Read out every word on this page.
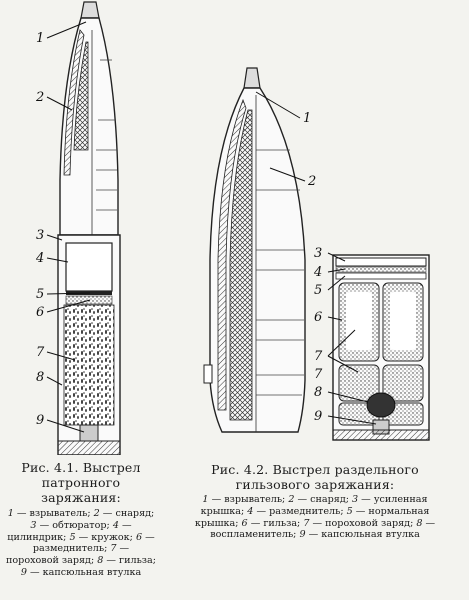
1
2
3
4
5
6
7
8
9
1
2
3
4
5
6
7
7
8
9
Рис. 4.1. Выстрел патронного заряжания:
1 — взрыватель; 2 — снаряд; 3 — обтюратор; 4 — цилиндрик; 5 — кружок; 6 — размеднитель; 7 — пороховой заряд; 8 — гильза; 9 — капсюльная втулка
Рис. 4.2. Выстрел раздельного гильзового заряжания:
1 — взрыватель; 2 — снаряд; 3 — усиленная крышка; 4 — размеднитель; 5 — нормальная крышка; 6 — гильза; 7 — пороховой заряд; 8 — воспламенитель; 9 — капсюльная втулка
